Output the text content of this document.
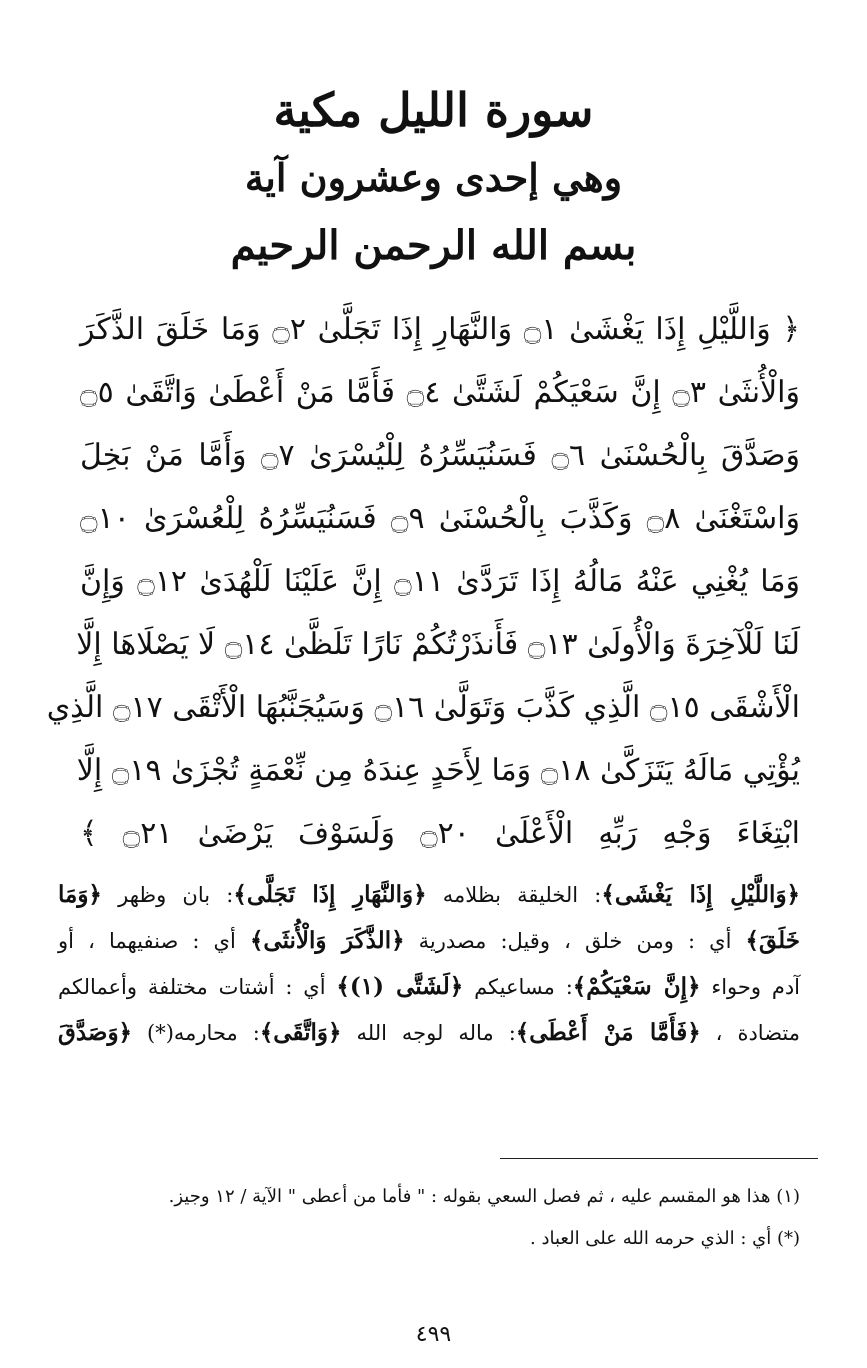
سورة الليل مكية
وهي إحدى وعشرون آية
بسم الله الرحمن الرحيم
﴿ وَاللَّيْلِ إِذَا يَغْشَىٰ ۝١ وَالنَّهَارِ إِذَا تَجَلَّىٰ ۝٢ وَمَا خَلَقَ الذَّكَرَ
وَالْأُنثَىٰ ۝٣ إِنَّ سَعْيَكُمْ لَشَتَّىٰ ۝٤ فَأَمَّا مَنْ أَعْطَىٰ وَاتَّقَىٰ ۝٥
وَصَدَّقَ بِالْحُسْنَىٰ ۝٦ فَسَنُيَسِّرُهُ لِلْيُسْرَىٰ ۝٧ وَأَمَّا مَنْ بَخِلَ
وَاسْتَغْنَىٰ ۝٨ وَكَذَّبَ بِالْحُسْنَىٰ ۝٩ فَسَنُيَسِّرُهُ لِلْعُسْرَىٰ ۝١٠
وَمَا يُغْنِي عَنْهُ مَالُهُ إِذَا تَرَدَّىٰ ۝١١ إِنَّ عَلَيْنَا لَلْهُدَىٰ ۝١٢ وَإِنَّ
لَنَا لَلْآخِرَةَ وَالْأُولَىٰ ۝١٣ فَأَنذَرْتُكُمْ نَارًا تَلَظَّىٰ ۝١٤ لَا يَصْلَاهَا إِلَّا
الْأَشْقَى ۝١٥ الَّذِي كَذَّبَ وَتَوَلَّىٰ ۝١٦ وَسَيُجَنَّبُهَا الْأَتْقَى ۝١٧ الَّذِي
يُؤْتِي مَالَهُ يَتَزَكَّىٰ ۝١٨ وَمَا لِأَحَدٍ عِندَهُ مِن نِّعْمَةٍ تُجْزَىٰ ۝١٩ إِلَّا
ابْتِغَاءَ وَجْهِ رَبِّهِ الْأَعْلَىٰ ۝٢٠ وَلَسَوْفَ يَرْضَىٰ ۝٢١ ﴾
﴿وَاللَّيْلِ إِذَا يَغْشَى﴾: الخليقة بظلامه ﴿وَالنَّهَارِ إِذَا تَجَلَّى﴾: بان وظهر ﴿وَمَا
خَلَقَ﴾ أي : ومن خلق ، وقيل: مصدرية ﴿الذَّكَرَ وَالْأُنثَى﴾ أي : صنفيهما ، أو
آدم وحواء ﴿إِنَّ سَعْيَكُمْ﴾: مساعيكم ﴿لَشَتَّى (١)﴾ أي : أشتات مختلفة وأعمالكم
متضادة ، ﴿فَأَمَّا مَنْ أَعْطَى﴾: ماله لوجه الله ﴿وَاتَّقَى﴾: محارمه(*) ﴿وَصَدَّقَ
(١) هذا هو المقسم عليه ، ثم فصل السعي بقوله : " فأما من أعطى " الآية / ١٢ وجيز.
(*) أي : الذي حرمه الله على العباد .
٤٩٩
